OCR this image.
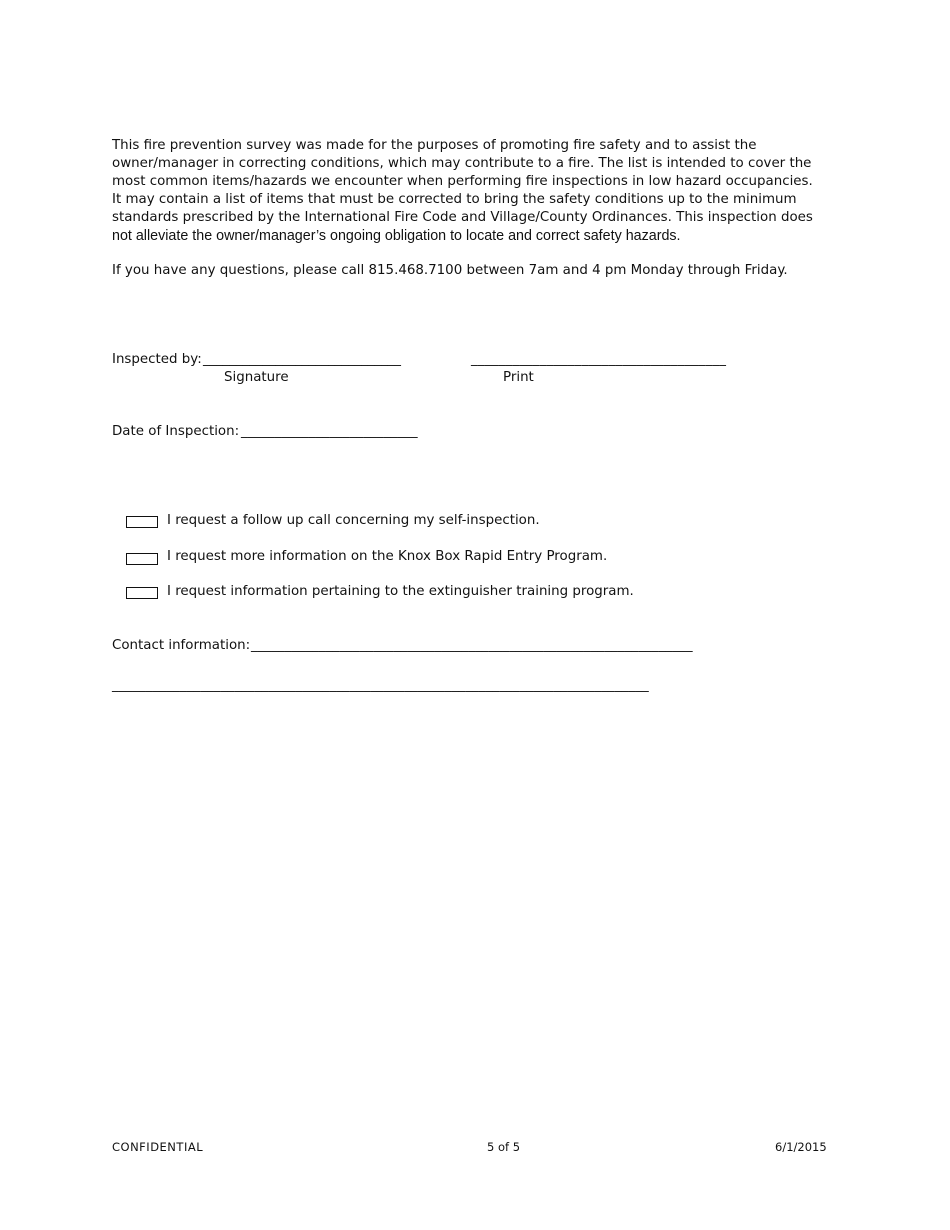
This fire prevention survey was made for the purposes of promoting fire safety and to assist the
owner/manager in correcting conditions, which may contribute to a fire. The list is intended to cover the
most common items/hazards we encounter when performing fire inspections in low hazard occupancies.
It may contain a list of items that must be corrected to bring the safety conditions up to the minimum
standards prescribed by the International Fire Code and Village/County Ordinances. This inspection does
not alleviate the owner/manager’s ongoing obligation to locate and correct safety hazards.
If you have any questions, please call 815.468.7100 between 7am and 4 pm Monday through Friday.
Inspected by: ______________________________	_____________________________________
Signature	Print
Date of Inspection: __________________________
I request a follow up call concerning my self-inspection.
I request more information on the Knox Box Rapid Entry Program.
I request information pertaining to the extinguisher training program.
Contact information: _________________________________________________________________
_______________________________________________________________________________
CONFIDENTIAL	5 of 5	6/1/2015
